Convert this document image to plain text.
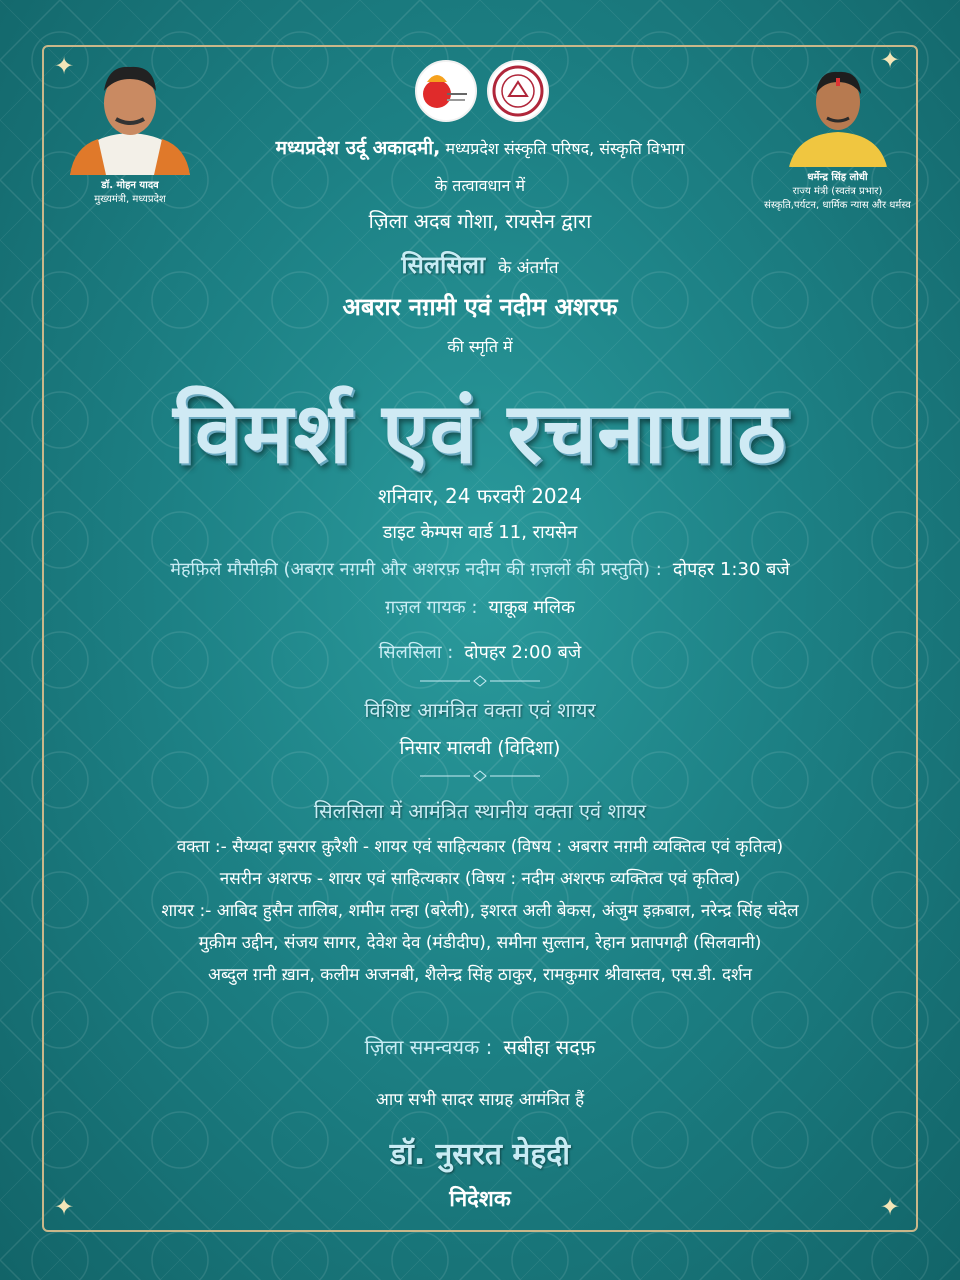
✦	✦
✦	✦
डॉ. मोहन यादव
मुख्यमंत्री, मध्यप्रदेश
धर्मेन्द्र सिंह लोधी
राज्य मंत्री (स्वतंत्र प्रभार)
संस्कृति,पर्यटन, धार्मिक न्यास और धर्मस्व
मध्यप्रदेश उर्दू अकादमी, मध्यप्रदेश संस्कृति परिषद, संस्कृति विभाग
के तत्वावधान में
ज़िला अदब गोशा, रायसेन द्वारा
सिलसिला के अंतर्गत
अबरार नग़मी एवं नदीम अशरफ
की स्मृति में
विमर्श एवं रचनापाठ
शनिवार, 24 फरवरी 2024
डाइट केम्पस वार्ड 11, रायसेन
मेहफ़िले मौसीक़ी (अबरार नग़मी और अशरफ़ नदीम की ग़ज़लों की प्रस्तुति) : दोपहर 1:30 बजे
ग़ज़ल गायक : याक़ूब मलिक
सिलसिला : दोपहर 2:00 बजे
विशिष्ट आमंत्रित वक्ता एवं शायर
निसार मालवी (विदिशा)
सिलसिला में आमंत्रित स्थानीय वक्ता एवं शायर
वक्ता :- सैय्यदा इसरार क़ुरैशी - शायर एवं साहित्यकार (विषय : अबरार नग़मी व्यक्तित्व एवं कृतित्व)
नसरीन अशरफ - शायर एवं साहित्यकार (विषय : नदीम अशरफ व्यक्तित्व एवं कृतित्व)
शायर :- आबिद हुसैन तालिब, शमीम तन्हा (बरेली), इशरत अली बेकस, अंजुम इक़बाल, नरेन्द्र सिंह चंदेल
मुक़ीम उद्दीन, संजय सागर, देवेश देव (मंडीदीप), समीना सुल्तान, रेहान प्रतापगढ़ी (सिलवानी)
अब्दुल ग़नी ख़ान, कलीम अजनबी, शैलेन्द्र सिंह ठाकुर, रामकुमार श्रीवास्तव, एस.डी. दर्शन
ज़िला समन्वयक : सबीहा सदफ़
आप सभी सादर साग्रह आमंत्रित हैं
डॉ. नुसरत मेहदी
निदेशक
